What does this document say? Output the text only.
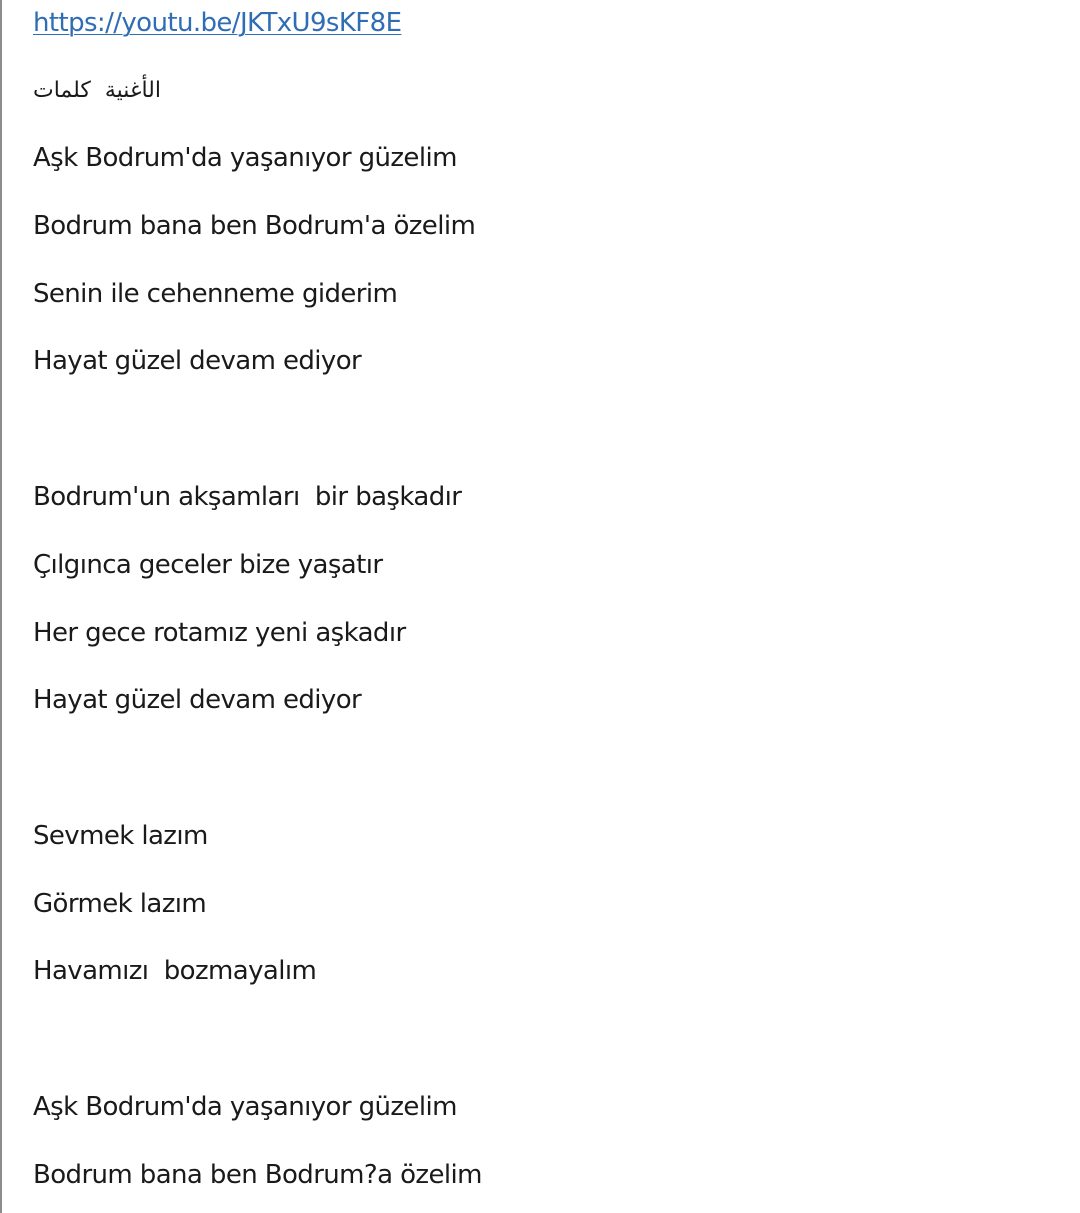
https://youtu.be/JKTxU9sKF8E
الأغنية  كلمات
Aşk Bodrum'da yaşanıyor güzelim
Bodrum bana ben Bodrum'a özelim
Senin ile cehenneme giderim
Hayat güzel devam ediyor
Bodrum'un akşamları  bir başkadır
Çılgınca geceler bize yaşatır
Her gece rotamız yeni aşkadır
Hayat güzel devam ediyor
Sevmek lazım
Görmek lazım
Havamızı  bozmayalım
Aşk Bodrum'da yaşanıyor güzelim
Bodrum bana ben Bodrum?a özelim
